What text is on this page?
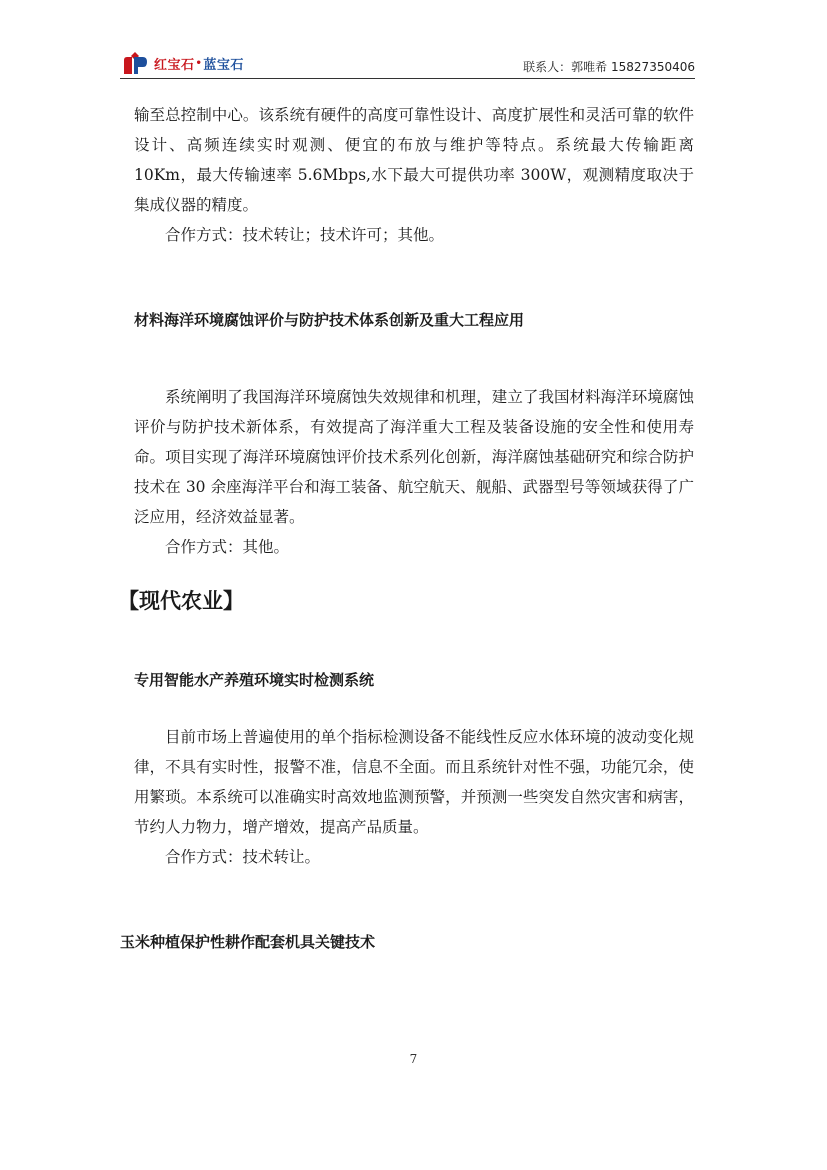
红宝石•蓝宝石	联系人：郭唯希 15827350406

输至总控制中心。该系统有硬件的高度可靠性设计、高度扩展性和灵活可靠的软件设计、高频连续实时观测、便宜的布放与维护等特点。系统最大传输距离 10Km，最大传输速率 5.6Mbps,水下最大可提供功率 300W，观测精度取决于集成仪器的精度。

合作方式：技术转让；技术许可；其他。

材料海洋环境腐蚀评价与防护技术体系创新及重大工程应用

系统阐明了我国海洋环境腐蚀失效规律和机理，建立了我国材料海洋环境腐蚀评价与防护技术新体系，有效提高了海洋重大工程及装备设施的安全性和使用寿命。项目实现了海洋环境腐蚀评价技术系列化创新，海洋腐蚀基础研究和综合防护技术在 30 余座海洋平台和海工装备、航空航天、舰船、武器型号等领域获得了广泛应用，经济效益显著。

合作方式：其他。

【现代农业】
专用智能水产养殖环境实时检测系统

目前市场上普遍使用的单个指标检测设备不能线性反应水体环境的波动变化规律，不具有实时性，报警不准，信息不全面。而且系统针对性不强，功能冗余，使用繁琐。本系统可以准确实时高效地监测预警，并预测一些突发自然灾害和病害，节约人力物力，增产增效，提高产品质量。

合作方式：技术转让。

玉米种植保护性耕作配套机具关键技术
7
